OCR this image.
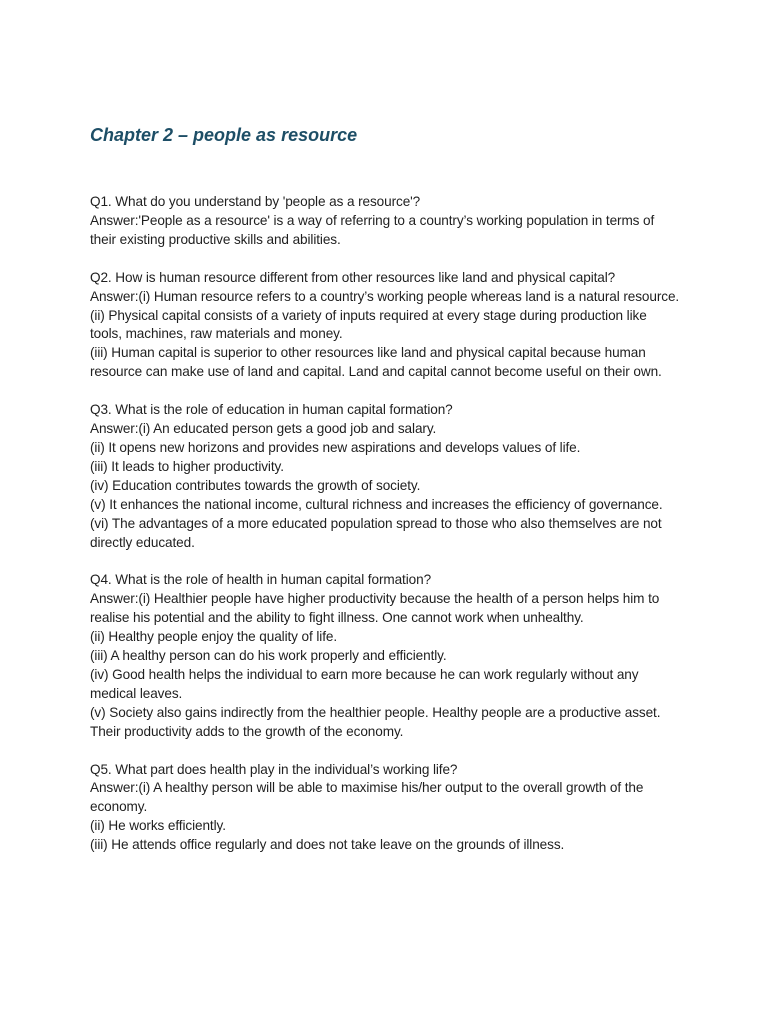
Chapter 2 – people as resource

Q1. What do you understand by 'people as a resource'?

Answer:'People as a resource' is a way of referring to a country’s working population in terms of their existing productive skills and abilities.

Q2. How is human resource different from other resources like land and physical capital?

Answer:(i) Human resource refers to a country’s working people whereas land is a natural resource.

(ii) Physical capital consists of a variety of inputs required at every stage during production like tools, machines, raw materials and money.

(iii) Human capital is superior to other resources like land and physical capital because human resource can make use of land and capital. Land and capital cannot become useful on their own.

Q3. What is the role of education in human capital formation?

Answer:(i) An educated person gets a good job and salary.

(ii) It opens new horizons and provides new aspirations and develops values of life.

(iii) It leads to higher productivity.

(iv) Education contributes towards the growth of society.

(v) It enhances the national income, cultural richness and increases the efficiency of governance.

(vi) The advantages of a more educated population spread to those who also themselves are not directly educated.

Q4. What is the role of health in human capital formation?

Answer:(i) Healthier people have higher productivity because the health of a person helps him to realise his potential and the ability to fight illness. One cannot work when unhealthy.

(ii) Healthy people enjoy the quality of life.

(iii) A healthy person can do his work properly and efficiently.

(iv) Good health helps the individual to earn more because he can work regularly without any medical leaves.

(v) Society also gains indirectly from the healthier people. Healthy people are a productive asset. Their productivity adds to the growth of the economy.

Q5. What part does health play in the individual’s working life?

Answer:(i) A healthy person will be able to maximise his/her output to the overall growth of the economy.

(ii) He works efficiently.

(iii) He attends office regularly and does not take leave on the grounds of illness.
